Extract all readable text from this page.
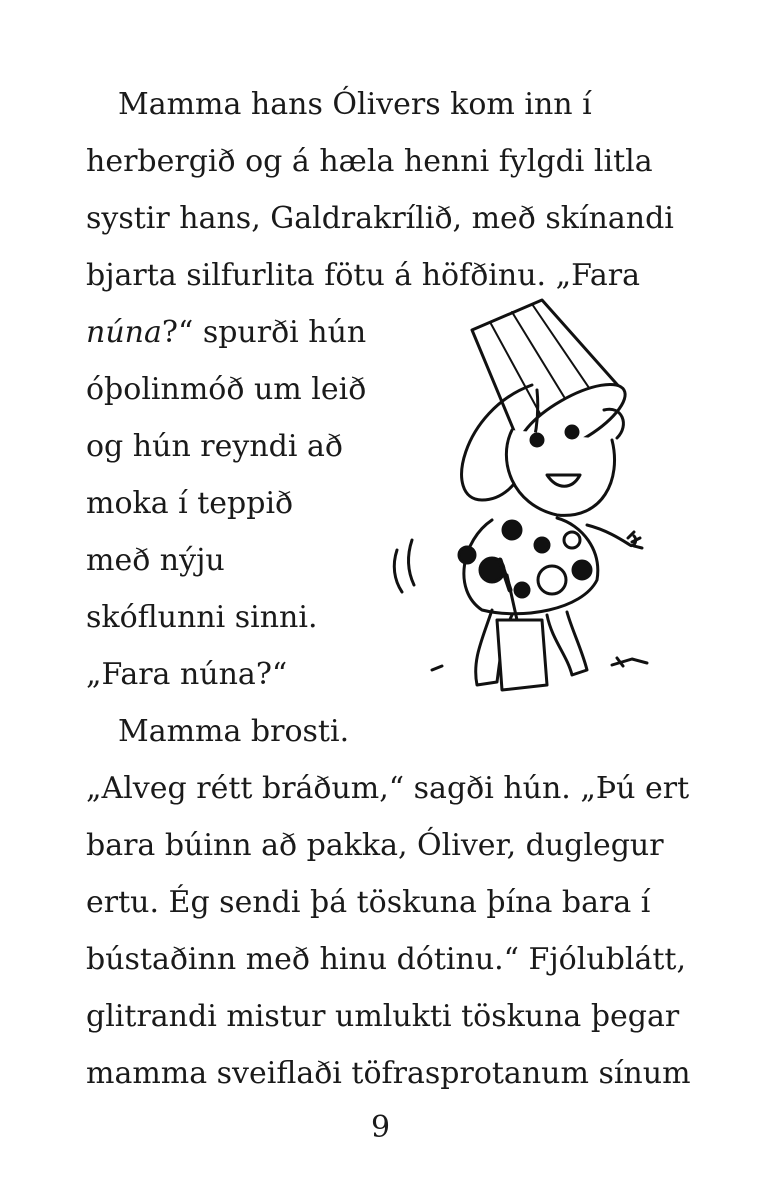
Mamma hans Ólivers kom inn í
herbergið og á hæla henni fylgdi litla
systir hans, Galdrakrílið, með skínandi
bjarta silfurlita fötu á höfðinu. „Fara
núna?“ spurði hún
óþolinmóð um leið
og hún reyndi að
moka í teppið
með nýju
skóflunni sinni.
„Fara núna?“
Mamma brosti.
„Alveg rétt bráðum,“ sagði hún. „Þú ert
bara búinn að pakka, Óliver, duglegur
ertu. Ég sendi þá töskuna þína bara í
bústaðinn með hinu dótinu.“ Fjólublátt,
glitrandi mistur umlukti töskuna þegar
mamma sveiflaði töfrasprotanum sínum
9
